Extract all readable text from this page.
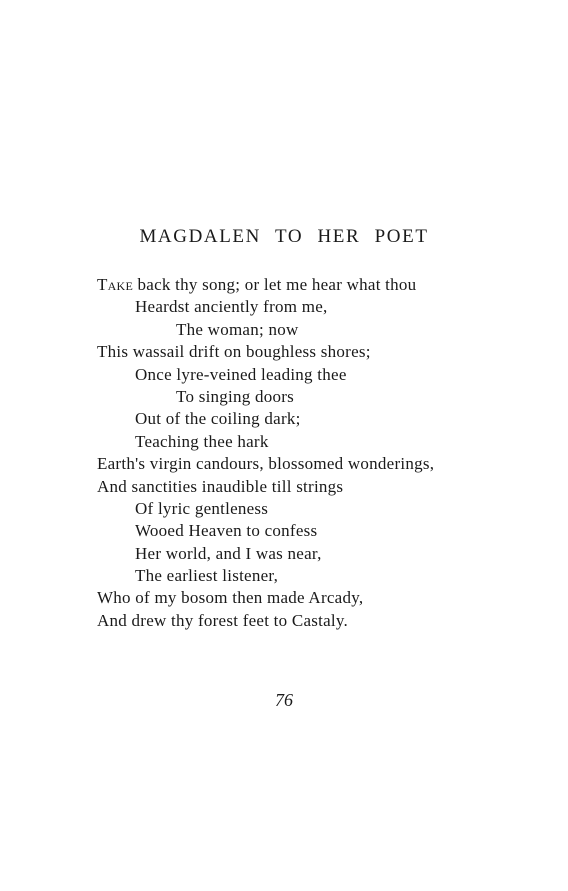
MAGDALEN TO HER POET
Take back thy song; or let me hear what thou
Heardst anciently from me,
The woman; now
This wassail drift on boughless shores;
Once lyre-veined leading thee
To singing doors
Out of the coiling dark;
Teaching thee hark
Earth's virgin candours, blossomed wonderings,
And sanctities inaudible till strings
Of lyric gentleness
Wooed Heaven to confess
Her world, and I was near,
The earliest listener,
Who of my bosom then made Arcady,
And drew thy forest feet to Castaly.
76
